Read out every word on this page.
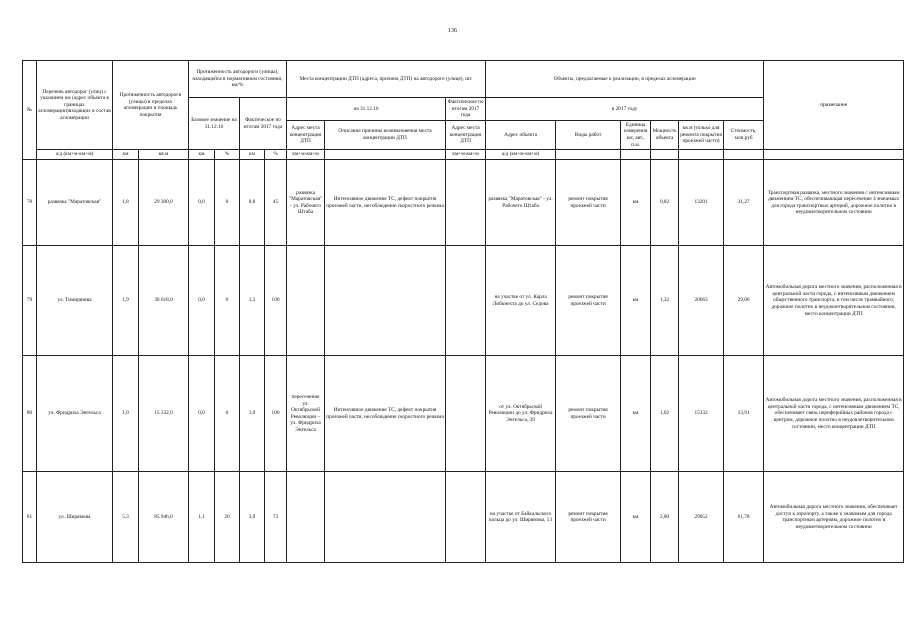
136
№	Перечень автодорог (улиц) с указанием км (адрес объекта в границах агломерации)входящих в состав агломерации	Протяженность автодороги (улицы) в пределах агломерации и площадь покрытия		Протяженность автодороги (улицы), находящейся в нормативном состоянии, км/%				Места концентрации ДТП (адреса, причина ДТП) на автодороге (улице), шт.			Объекты, предлагаемые к реализации, в пределах агломерации						примечание
				Базовое значение на 31.12.16		Фактическое по итогам 2017 года		на 31.12.16		Фактическое по итогам 2017 года	в 2017 году						
								Адрес места концентрации ДТП	Описание причины возникновения места концентрации ДТП	Адрес места концентрации ДТП	Адрес объекта	Виды работ	Единица измерения км, авт., п.м.	Мощность объекта	кв.м (только для ремонта покрытия проезжей части)	Стоимость, млн.руб	
	а/д (км+м-км+м)	км	кв.м	км	%	км	%	км+м-км+м		км+м-км+м	а/д (км+м-км+м)						
78	развязка "Маратовская"	1,8	29 300,0	0,0	0	0,8	45	развязка "Маратовская" - ул. Рабочего Штаба	Интенсивное движение ТС, дефект покрытия проезжей части, несоблюдение скоростного режима		развязка "Маратовская" - ул. Рабочего Штаба	ремонт покрытия проезжей части	км	0,82	13201	31,27	Транспортная развязка, местного значения с интенсивным движением ТС, обеспечивающая пересечение 4 значимых для города транспортных артерий, дорожное полотно в неудовлетворительном состоянии
79	ул. Тимирязева	1,9	30 618,0	0,0	0	1,3	100				на участке от ул. Карла Либкнехта до ул. Седова	ремонт покрытия проезжей части	км	1,32	20663	29,06	Автомобильная дорога местного значения, расположенная в центральной части города, с интенсивным движением общественного транспорта, в том числе трамвайного, дорожное полотно в неудовлетворительном состоянии, место концентрации ДТП
80	ул. Фридриха Энгельса	1,0	15 332,0	0,0	0	1,0	100	пересечение ул. Октябрьской Революции – ул. Фридриха Энгельса	Интенсивное движение ТС, дефект покрытия проезжей части, несоблюдение скоростного режима		от ул. Октябрьской Революции до ул. Фридриха Энгельса, 39	ремонт покрытия проезжей части	км	1,02	15332	13,91	Автомобильная дорога местного значения, расположенная в центральной части города, с интенсивным движением ТС, обеспечивает связь периферийных районов города с центром, дорожное полотно в неудовлетворительном состоянии, место концентрации ДТП
81	ул. Ширямова	5,3	85 946,0	1,1	20	3,9	73				на участке от Байкальского кольца до ул. Ширямова, 13	ремонт покрытия проезжей части	км	2,80	29052	61,78	Автомобильная дорога местного значения, обеспечивает доступ к аэропорту, а также к значимым для города транспортным артериям, дорожное полотно в неудовлетворительном состоянии
